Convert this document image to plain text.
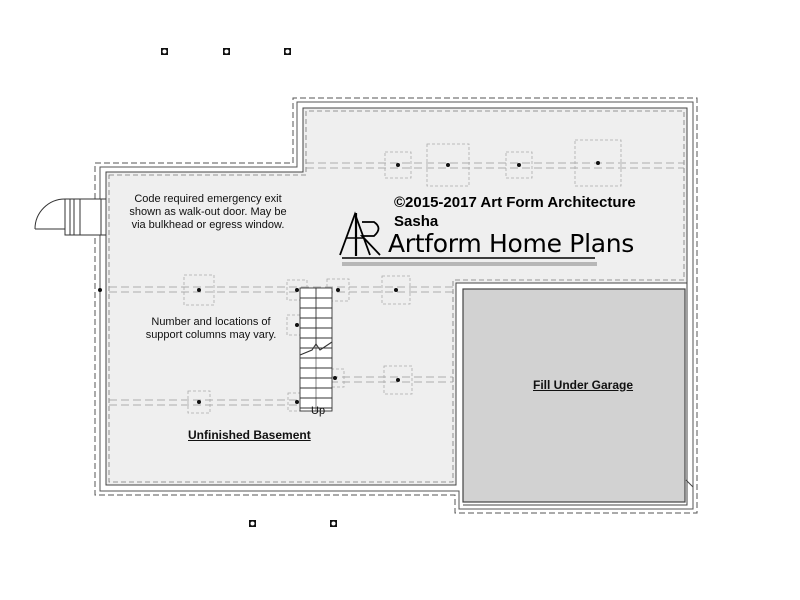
Code required emergency exit shown as walk-out door. May be via bulkhead or egress window.
Number and locations of support columns may vary.
Unfinished Basement
Fill Under Garage
Up
©2015-2017 Art Form Architecture
Sasha
Artform Home Plans
